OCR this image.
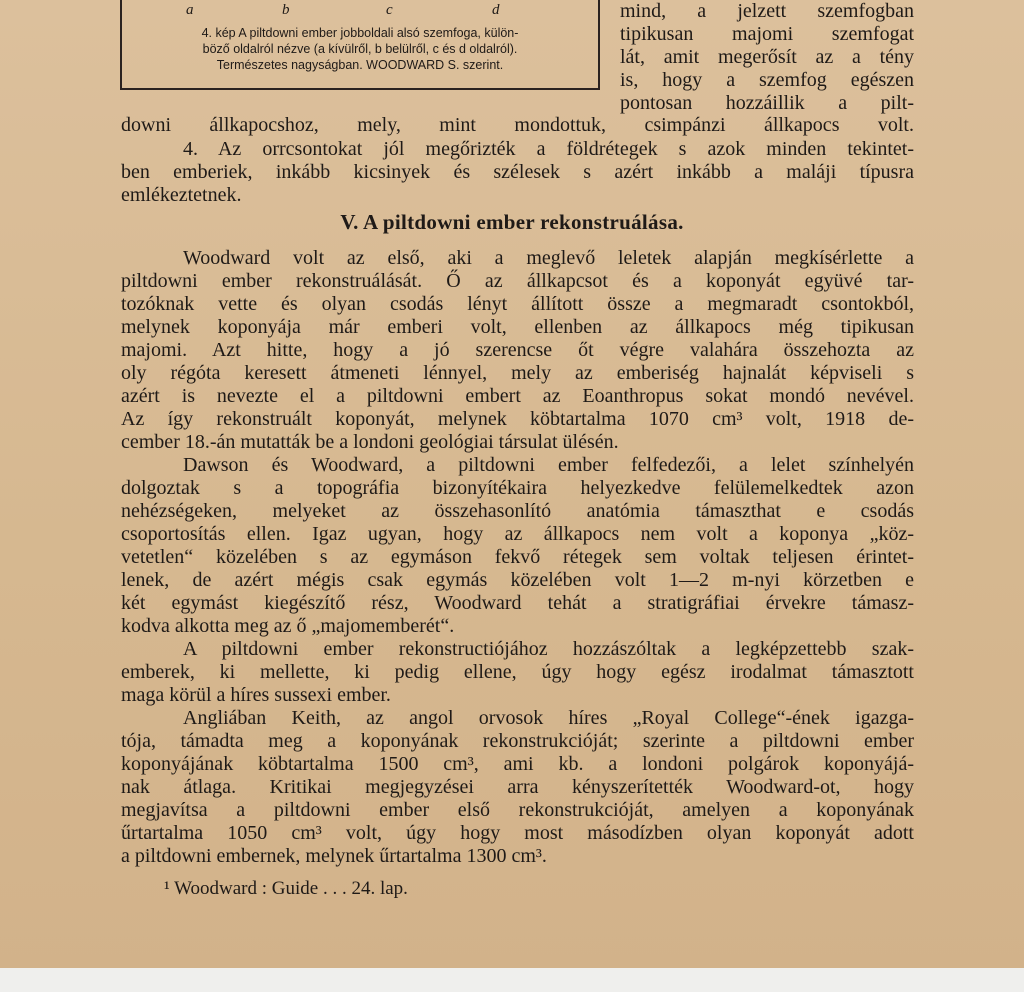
a	b	c	d
4. kép A piltdowni ember jobboldali alsó szemfoga, külön-
böző oldalról nézve (a kívülről, b belülről, c és d oldalról).
Természetes nagyságban. WOODWARD S. szerint.
mind, a jelzett szemfogban
tipikusan majomi szemfogat
lát, amit megerősít az a tény
is, hogy a szemfog egészen
pontosan hozzáillik a pilt-
downi állkapocshoz, mely, mint mondottuk, csimpánzi állkapocs volt.
4. Az orrcsontokat jól megőrizték a földrétegek s azok minden tekintet-
ben emberiek, inkább kicsinyek és szélesek s azért inkább a maláji típusra
emlékeztetnek.
V. A piltdowni ember rekonstruálása.
Woodward volt az első, aki a meglevő leletek alapján megkísérlette a
piltdowni ember rekonstruálását. Ő az állkapcsot és a koponyát együvé tar-
tozóknak vette és olyan csodás lényt állított össze a megmaradt csontokból,
melynek koponyája már emberi volt, ellenben az állkapocs még tipikusan
majomi. Azt hitte, hogy a jó szerencse őt végre valahára összehozta az
oly régóta keresett átmeneti lénnyel, mely az emberiség hajnalát képviseli s
azért is nevezte el a piltdowni embert az Eoanthropus sokat mondó nevével.
Az így rekonstruált koponyát, melynek köbtartalma 1070 cm³ volt, 1918 de-
cember 18.-án mutatták be a londoni geológiai társulat ülésén.
Dawson és Woodward, a piltdowni ember felfedezői, a lelet színhelyén
dolgoztak s a topográfia bizonyítékaira helyezkedve felülemelkedtek azon
nehézségeken, melyeket az összehasonlító anatómia támaszthat e csodás
csoportosítás ellen. Igaz ugyan, hogy az állkapocs nem volt a koponya „köz-
vetetlen“ közelében s az egymáson fekvő rétegek sem voltak teljesen érintet-
lenek, de azért mégis csak egymás közelében volt 1—2 m-nyi körzetben e
két egymást kiegészítő rész, Woodward tehát a stratigráfiai érvekre támasz-
kodva alkotta meg az ő „majomemberét“.
A piltdowni ember rekonstructiójához hozzászóltak a legképzettebb szak-
emberek, ki mellette, ki pedig ellene, úgy hogy egész irodalmat támasztott
maga körül a híres sussexi ember.
Angliában Keith, az angol orvosok híres „Royal College“-ének igazga-
tója, támadta meg a koponyának rekonstrukcióját; szerinte a piltdowni ember
koponyájának köbtartalma 1500 cm³, ami kb. a londoni polgárok koponyájá-
nak átlaga. Kritikai megjegyzései arra kényszerítették Woodward-ot, hogy
megjavítsa a piltdowni ember első rekonstrukcióját, amelyen a koponyának
űrtartalma 1050 cm³ volt, úgy hogy most másodízben olyan koponyát adott
a piltdowni embernek, melynek űrtartalma 1300 cm³.
¹ Woodward : Guide . . . 24. lap.
